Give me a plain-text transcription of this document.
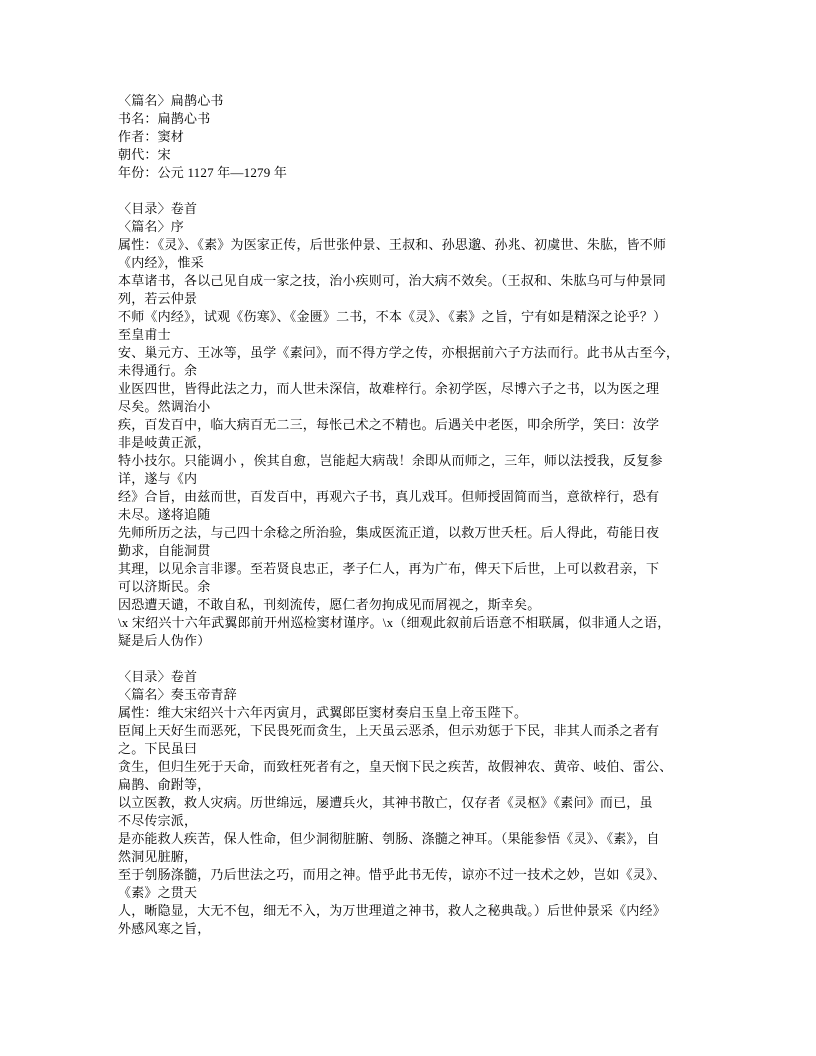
〈篇名〉扁鹊心书
书名：扁鹊心书
作者：窦材
朝代：宋
年份：公元 1127 年—1279 年
〈目录〉卷首
〈篇名〉序
属性：《灵》、《素》为医家正传，后世张仲景、王叔和、孙思邈、孙兆、初虞世、朱肱，皆不师
《内经》，惟采
本草诸书，各以己见自成一家之技，治小疾则可，治大病不效矣。（王叔和、朱肱乌可与仲景同
列，若云仲景
不师《内经》，试观《伤寒》、《金匮》二书，不本《灵》、《素》之旨，宁有如是精深之论乎？）
至皇甫士
安、巢元方、王冰等，虽学《素问》，而不得方学之传，亦根据前六子方法而行。此书从古至今，
未得通行。余
业医四世，皆得此法之力，而人世未深信，故难梓行。余初学医，尽博六子之书，以为医之理
尽矣。然调治小
疾，百发百中，临大病百无二三，每怅己术之不精也。后遇关中老医，叩余所学，笑曰：汝学
非是岐黄正派，
特小技尔。只能调小 ，俟其自愈，岂能起大病哉！余即从而师之，三年，师以法授我，反复参
详，遂与《内
经》合旨，由兹而世，百发百中，再观六子书，真儿戏耳。但师授固简而当，意欲梓行，恐有
未尽。遂将追随
先师所历之法，与己四十余稔之所治验，集成医流正道，以救万世夭枉。后人得此，苟能日夜
勤求，自能洞贯
其理，以见余言非谬。至若贤良忠正，孝子仁人，再为广布，俾天下后世，上可以救君亲，下
可以济斯民。余
因恐遭天谴，不敢自私，刊刻流传，愿仁者勿拘成见而屑视之，斯幸矣。
\x 宋绍兴十六年武翼郎前开州巡检窦材谨序。\x（细观此叙前后语意不相联属，似非通人之语，
疑是后人伪作）
〈目录〉卷首
〈篇名〉奏玉帝青辞
属性：维大宋绍兴十六年丙寅月，武翼郎臣窦材奏启玉皇上帝玉陛下。
臣闻上天好生而恶死，下民畏死而贪生，上天虽云恶杀，但示劝惩于下民，非其人而杀之者有
之。下民虽曰
贪生，但归生死于天命，而致枉死者有之，皇天悯下民之疾苦，故假神农、黄帝、岐伯、雷公、
扁鹊、俞跗等，
以立医教，救人灾病。历世绵远，屡遭兵火，其神书散亡，仅存者《灵枢》《素问》而已，虽
不尽传宗派，
是亦能救人疾苦，保人性命，但少洞彻脏腑、刳肠、涤髓之神耳。（果能参悟《灵》、《素》，自
然洞见脏腑，
至于刳肠涤髓，乃后世法之巧，而用之神。惜乎此书无传，谅亦不过一技术之妙，岂如《灵》、
《素》之贯天
人，晰隐显，大无不包，细无不入，为万世理道之神书，救人之秘典哉。）后世仲景采《内经》
外感风寒之旨，
